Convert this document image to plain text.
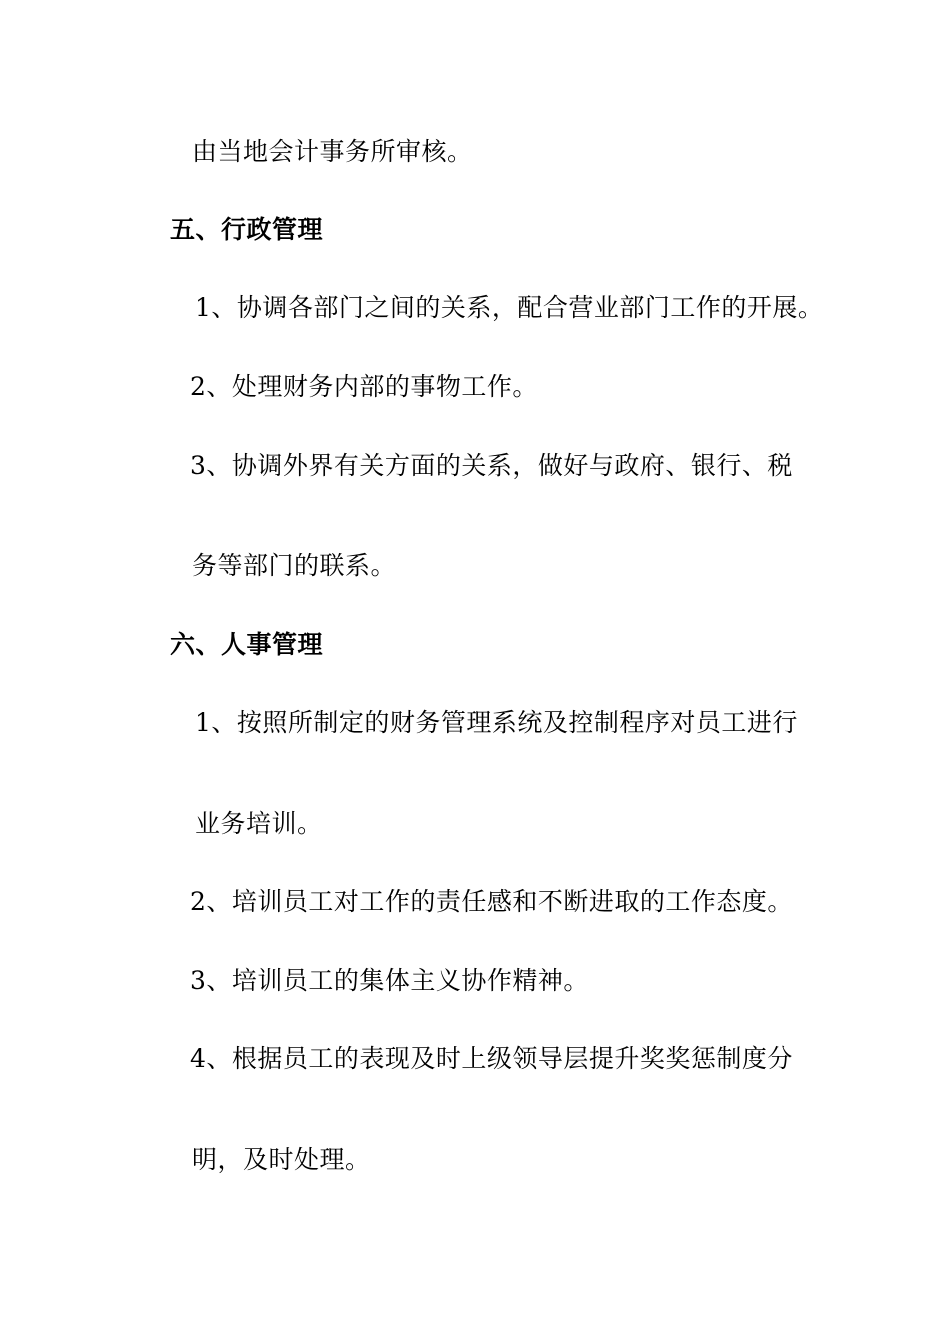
由当地会计事务所审核。
五、行政管理
1、协调各部门之间的关系，配合营业部门工作的开展。
2、处理财务内部的事物工作。
3、协调外界有关方面的关系，做好与政府、银行、税
务等部门的联系。
六、人事管理
1、按照所制定的财务管理系统及控制程序对员工进行
业务培训。
2、培训员工对工作的责任感和不断进取的工作态度。
3、培训员工的集体主义协作精神。
4、根据员工的表现及时上级领导层提升奖奖惩制度分
明，及时处理。
